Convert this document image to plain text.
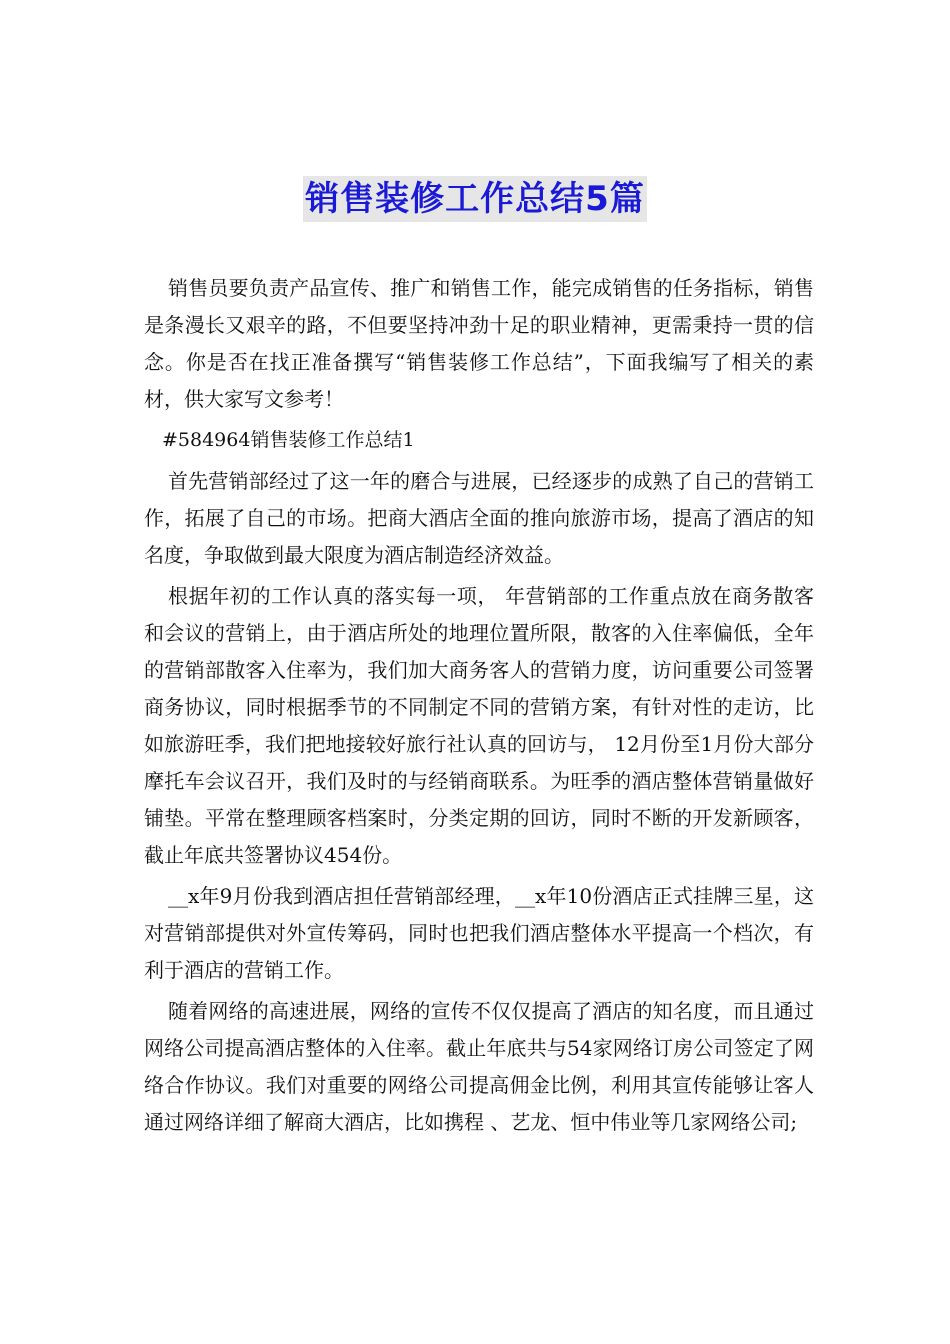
销售装修工作总结5篇

销售员要负责产品宣传、推广和销售工作，能完成销售的任务指标，销售是条漫长又艰辛的路，不但要坚持冲劲十足的职业精神，更需秉持一贯的信念。你是否在找正准备撰写“销售装修工作总结”，下面我编写了相关的素材，供大家写文参考！

#584964销售装修工作总结1

首先营销部经过了这一年的磨合与进展，已经逐步的成熟了自己的营销工作，拓展了自己的市场。把商大酒店全面的推向旅游市场，提高了酒店的知名度，争取做到最大限度为酒店制造经济效益。

根据年初的工作认真的落实每一项， 年营销部的工作重点放在商务散客和会议的营销上，由于酒店所处的地理位置所限，散客的入住率偏低，全年的营销部散客入住率为，我们加大商务客人的营销力度，访问重要公司签署商务协议，同时根据季节的不同制定不同的营销方案，有针对性的走访，比如旅游旺季，我们把地接较好旅行社认真的回访与， 12月份至1月份大部分摩托车会议召开，我们及时的与经销商联系。为旺季的酒店整体营销量做好铺垫。平常在整理顾客档案时，分类定期的回访，同时不断的开发新顾客，截止年底共签署协议454份。

__x年9月份我到酒店担任营销部经理，__x年10份酒店正式挂牌三星，这对营销部提供对外宣传筹码，同时也把我们酒店整体水平提高一个档次，有利于酒店的营销工作。

随着网络的高速进展，网络的宣传不仅仅提高了酒店的知名度，而且通过网络公司提高酒店整体的入住率。截止年底共与54家网络订房公司签定了网络合作协议。我们对重要的网络公司提高佣金比例，利用其宣传能够让客人通过网络详细了解商大酒店，比如携程 、艺龙、恒中伟业等几家网络公司;
